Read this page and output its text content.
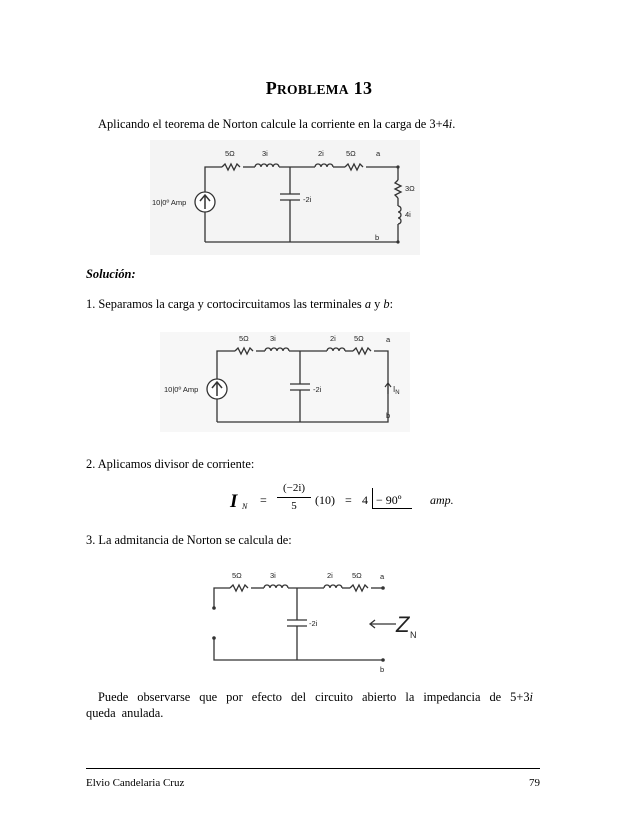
PROBLEMA 13
Aplicando el teorema de Norton calcule la corriente en la carga de 3+4i.
10|0º Amp
5Ω	3i	2i	5Ω
-2i
a
3Ω
4i
b
Solución:
1. Separamos la carga y cortocircuitamos las terminales a y b:
10|0º Amp
5Ω	3i	2i 5Ω
-2i
a
b
$I_N$
2. Aplicamos divisor de corriente:
I N =
(−2i)
5	(10) = 4 − 90º amp.
3. La admitancia de Norton se calcula de:
5Ω	3i	2i	5Ω
-2i
a
b
Z N
Puede observarse que por efecto del circuito abierto la impedancia de 5+3i queda anulada.
Elvio Candelaria Cruz	79
